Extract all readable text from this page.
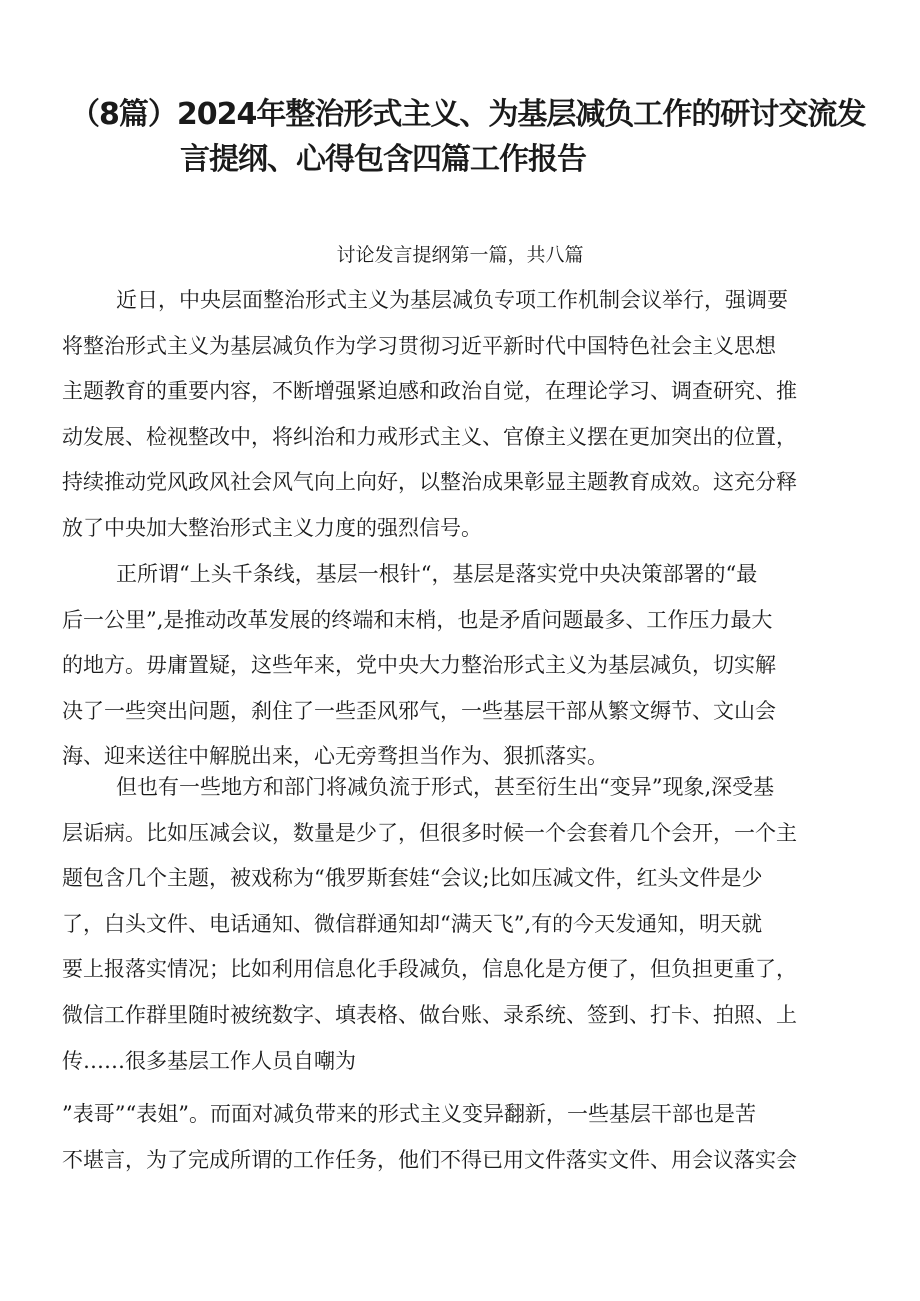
（8篇）2024年整治形式主义、为基层减负工作的研讨交流发
言提纲、心得包含四篇工作报告
讨论发言提纲第一篇，共八篇
近日，中央层面整治形式主义为基层减负专项工作机制会议举行，强调要
将整治形式主义为基层减负作为学习贯彻习近平新时代中国特色社会主义思想
主题教育的重要内容，不断增强紧迫感和政治自觉，在理论学习、调查研究、推
动发展、检视整改中，将纠治和力戒形式主义、官僚主义摆在更加突出的位置，
持续推动党风政风社会风气向上向好，以整治成果彰显主题教育成效。这充分释
放了中央加大整治形式主义力度的强烈信号。
正所谓“上头千条线，基层一根针“，基层是落实党中央决策部署的“最
后一公里”,是推动改革发展的终端和末梢，也是矛盾问题最多、工作压力最大
的地方。毋庸置疑，这些年来，党中央大力整治形式主义为基层减负，切实解
决了一些突出问题，刹住了一些歪风邪气，一些基层干部从繁文缛节、文山会
海、迎来送往中解脱出来，心无旁骛担当作为、狠抓落实。
但也有一些地方和部门将减负流于形式，甚至衍生出“变异”现象,深受基
层诟病。比如压减会议，数量是少了，但很多时候一个会套着几个会开，一个主
题包含几个主题，被戏称为“俄罗斯套娃“会议;比如压减文件，红头文件是少
了，白头文件、电话通知、微信群通知却“满天飞”,有的今天发通知，明天就
要上报落实情况；比如利用信息化手段减负，信息化是方便了，但负担更重了，
微信工作群里随时被统数字、填表格、做台账、录系统、签到、打卡、拍照、上
传……很多基层工作人员自嘲为
”表哥”“表姐”。而面对减负带来的形式主义变异翻新，一些基层干部也是苦
不堪言，为了完成所谓的工作任务，他们不得已用文件落实文件、用会议落实会
